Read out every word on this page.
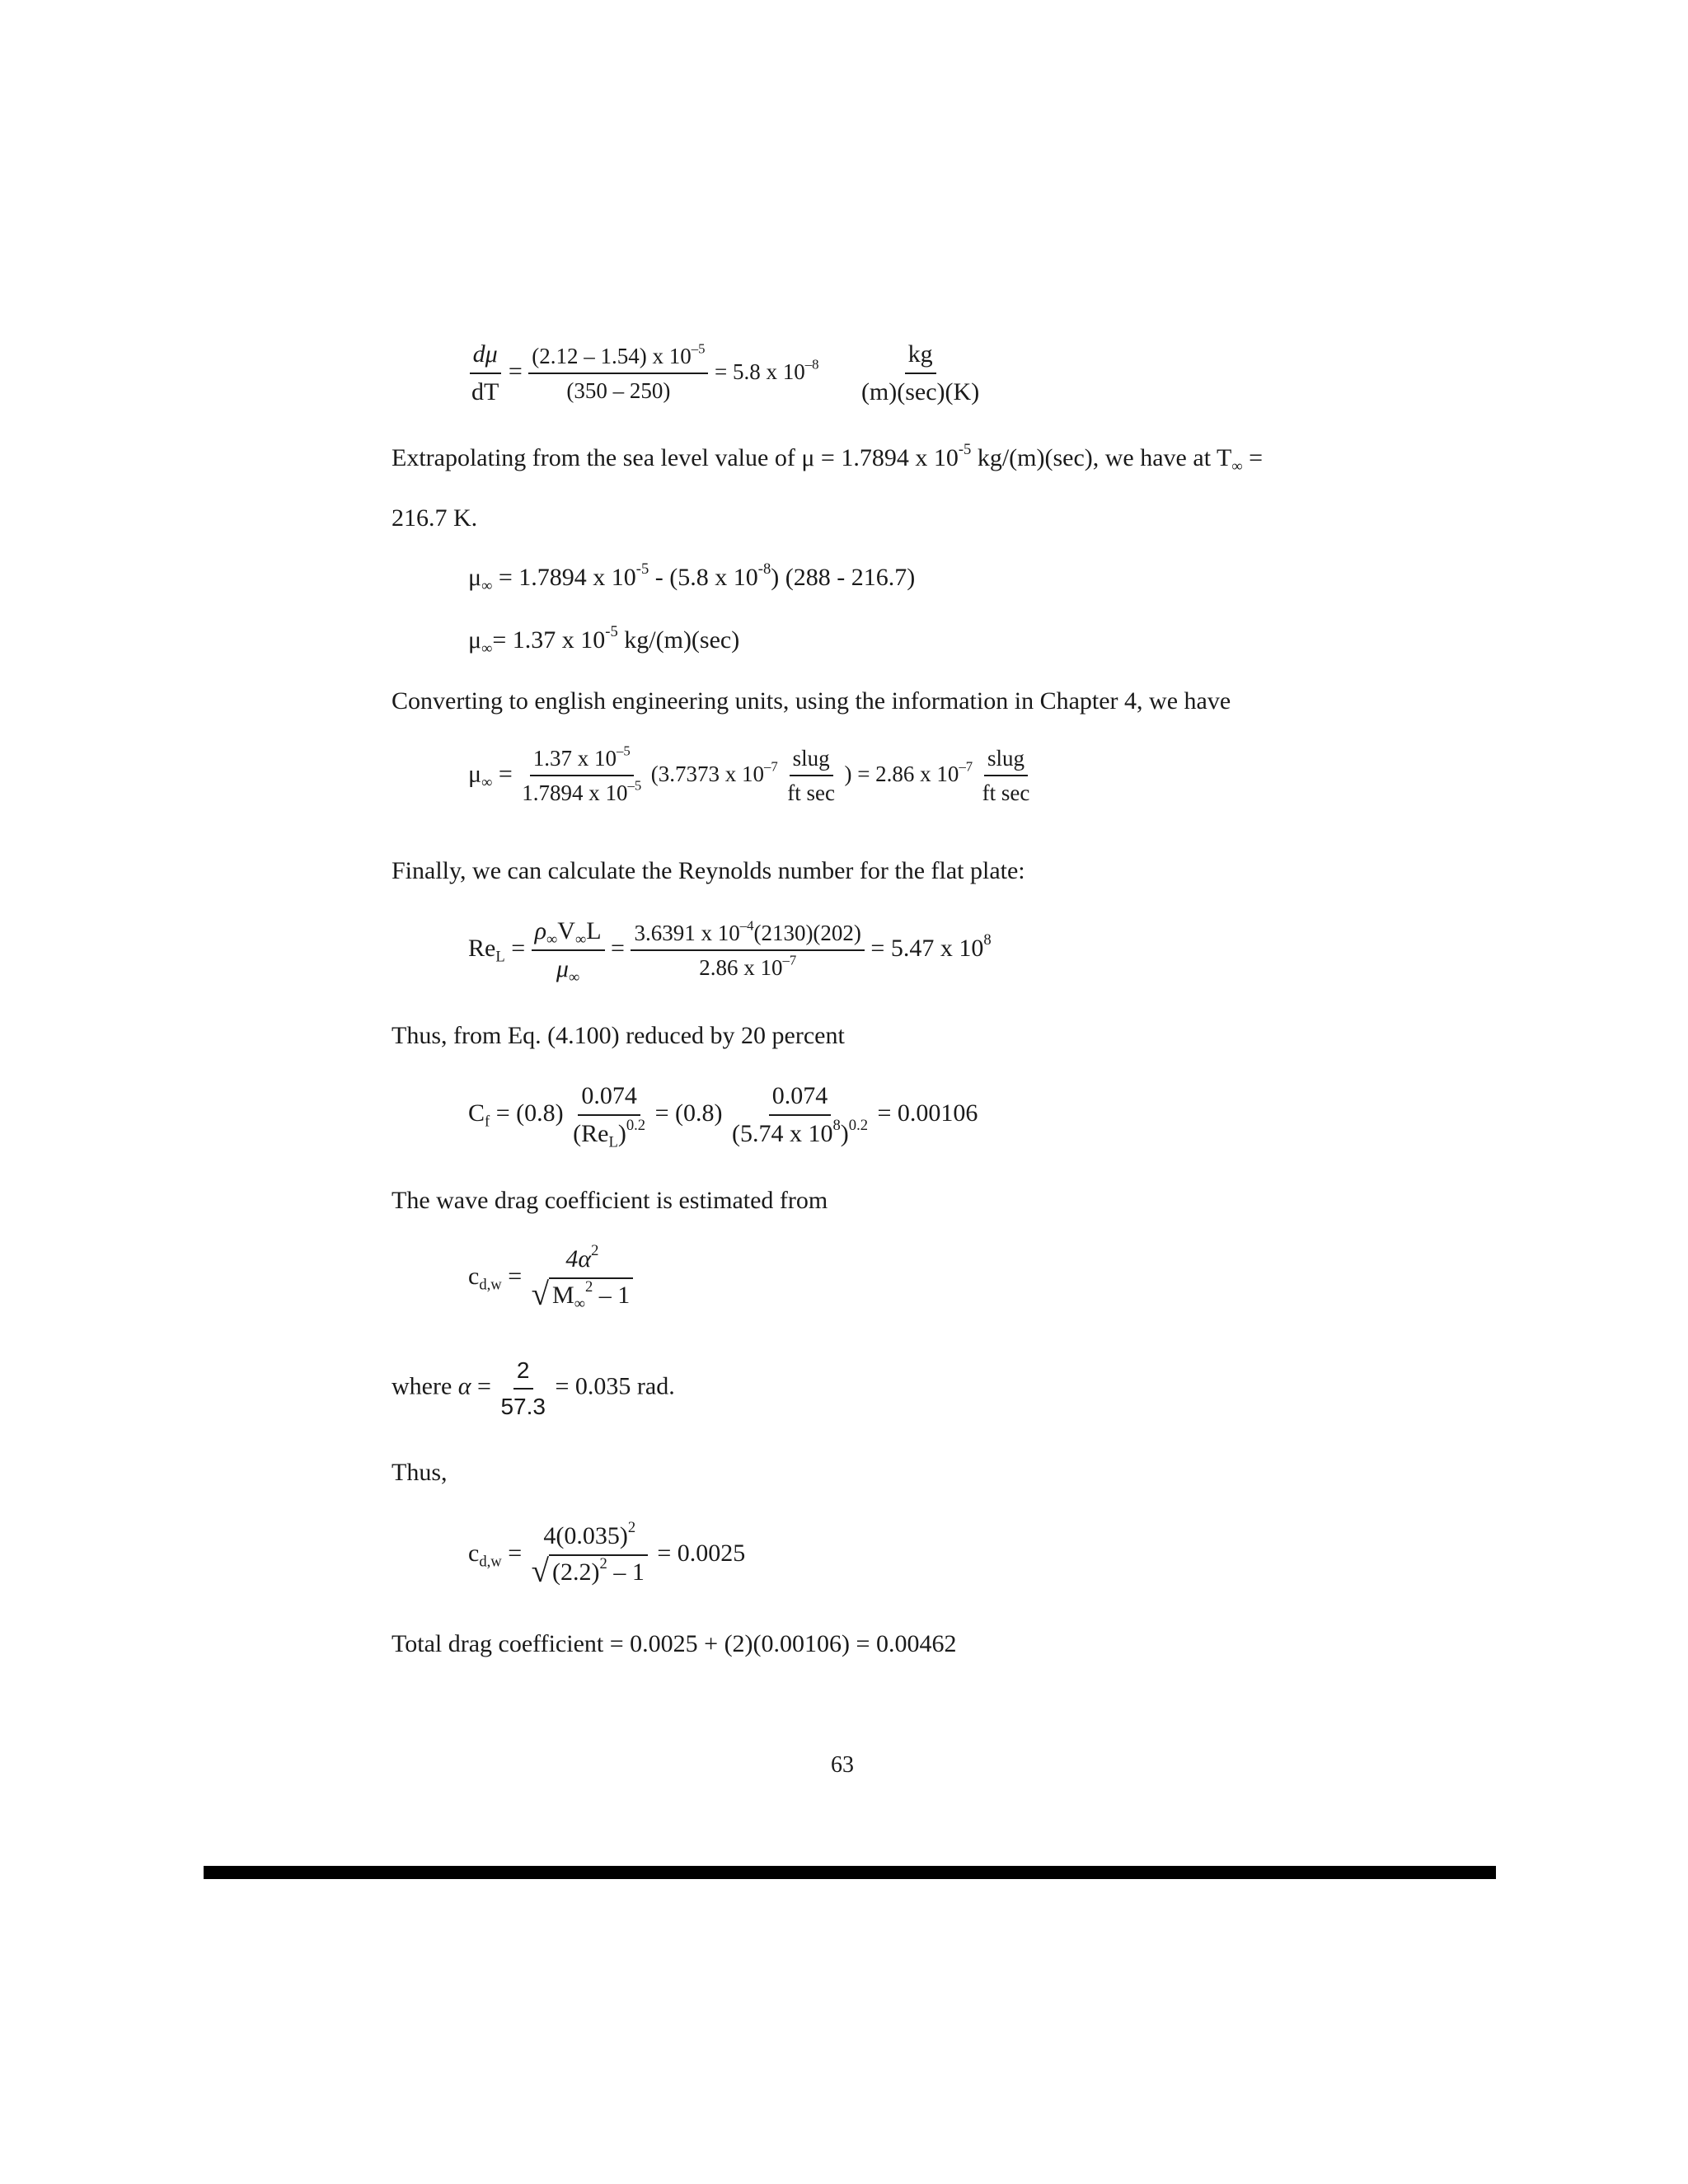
$\frac{d\mu}{dT} = \frac{(2.12 - 1.54) x 10^{-5}}{(350 - 250)} = 5.8$ x $10^{-8} \frac{kg}{(m)(\sec)(K)}$
Extrapolating from the sea level value of μ = 1.7894 x $10^{-5}$ kg/(m)(sec), we have at $T_\infty$ =
216.7 K.
$\mu_\infty = 1.7894$ x $10^{-5} - (5.8$ x $10^{-8}$) (288 - 216.7)
$\mu_\infty= 1.37$ x $10^{-5}$ kg/(m)(sec)
Converting to english engineering units, using the information in Chapter 4, we have
$\mu_\infty = \frac{1.37 x 10^{-5}}{1.7894 x 10^{-5}} (3.7373$ x $10^{-7} \frac{\text{slug}}{\text{ft sec}}$ ) = 2.86 x $10^{-7} \frac{\text{slug}}{\text{ft sec}}$
Finally, we can calculate the Reynolds number for the flat plate:
$Re_L = \frac{\rho_\infty V_\infty L}{\mu_\infty} = \frac{3.6391 x 10^{-4}(2130)(202)}{2.86 x 10^{-7}} = 5.47$ x $10^8$
Thus, from Eq. (4.100) reduced by 20 percent
$C_f = (0.8) \frac{0.074}{(Re_L)^{0.2}} = (0.8) \frac{0.074}{(5.74 x 10^8)^{0.2}} = 0.00106$
The wave drag coefficient is estimated from
$c_{d,w}$ =
$4\alpha^2$
√ $M_\infty^2 - 1$
where $\alpha = \frac{2}{57.3} = 0.035$ rad.
Thus,
$c_{d,w}$ =
$4(0.035)^2$
√ $(2.2)^2 - 1$
= 0.0025
Total drag coefficient = 0.0025 + (2)(0.00106) = 0.00462
63
